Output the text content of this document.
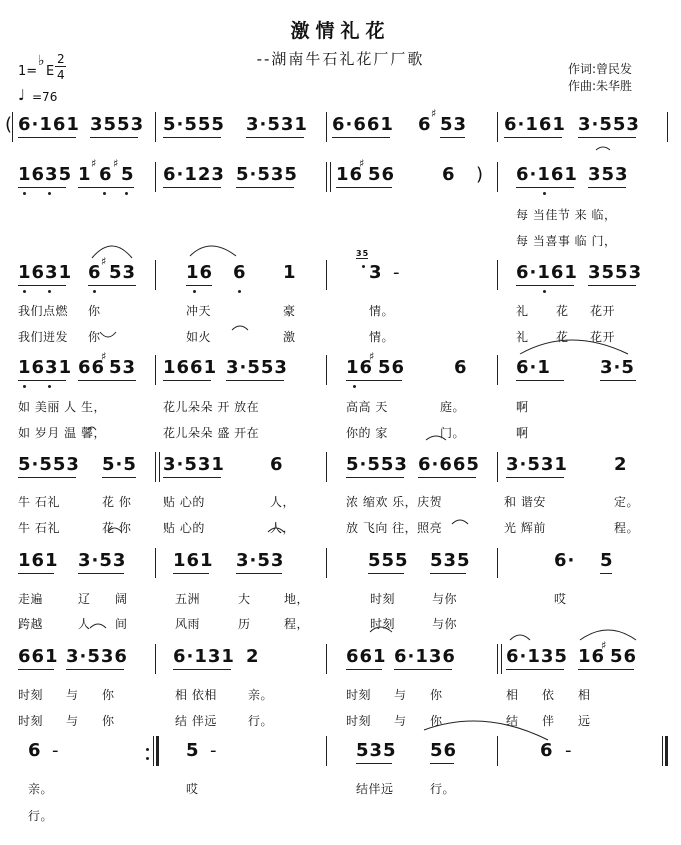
激情礼花
--湖南牛石礼花厂厂歌
1=
♭
E
2
4
♩ =76
作词:曾民发
作曲:朱华胜
( 6·161 3553 5·555 3·531 6·661 6
♯
53 6·161 3·553
1635 1
♯
6
♯
5 6·123 5·535 16
♯
56	6 ) 6·161 353
每 当佳节 来 临，
每 当喜事 临 门，
1631 6
♯
53	16 6 1
35
3 -	6·161 3553
我们点燃 你	冲天	豪	情。	礼 花 花开
我们迸发 你	如火	激	情。	礼 花 花开
1631 66
♯
53 1661 3·553	16
♯
56	6	6·1	3·5
如 美丽 人 生，	花儿朵朵 开 放在	高高 天	庭。	啊
如 岁月 温 馨，	花儿朵朵 盛 开在	你的 家	门。	啊
5·553 5·5 3·531	6	5·553 6·665 3·531	2
牛 石礼	花 你	贴 心的	人，	浓 缩欢 乐，庆贺	和 谐安	定。
牛 石礼	花 你	贴 心的	人，	放 飞向 往，照亮	光 辉前	程。
161 3·53	161 3·53	555 535	6· 5
走遍	辽 阔	五洲	大	地，	时刻	与你	哎
跨越	人 间	风雨	历	程，	时刻	与你
661 3·536	6·131 2	661 6·136	6·135 16
♯
56
时刻 与 你	相 依相	亲。	时刻 与 你	相 依 相
时刻 与 你	结 伴远	行。	时刻 与 你	结 伴 远
6 -	5 -	535 56	6 -
亲。	哎	结伴远	行。
行。
